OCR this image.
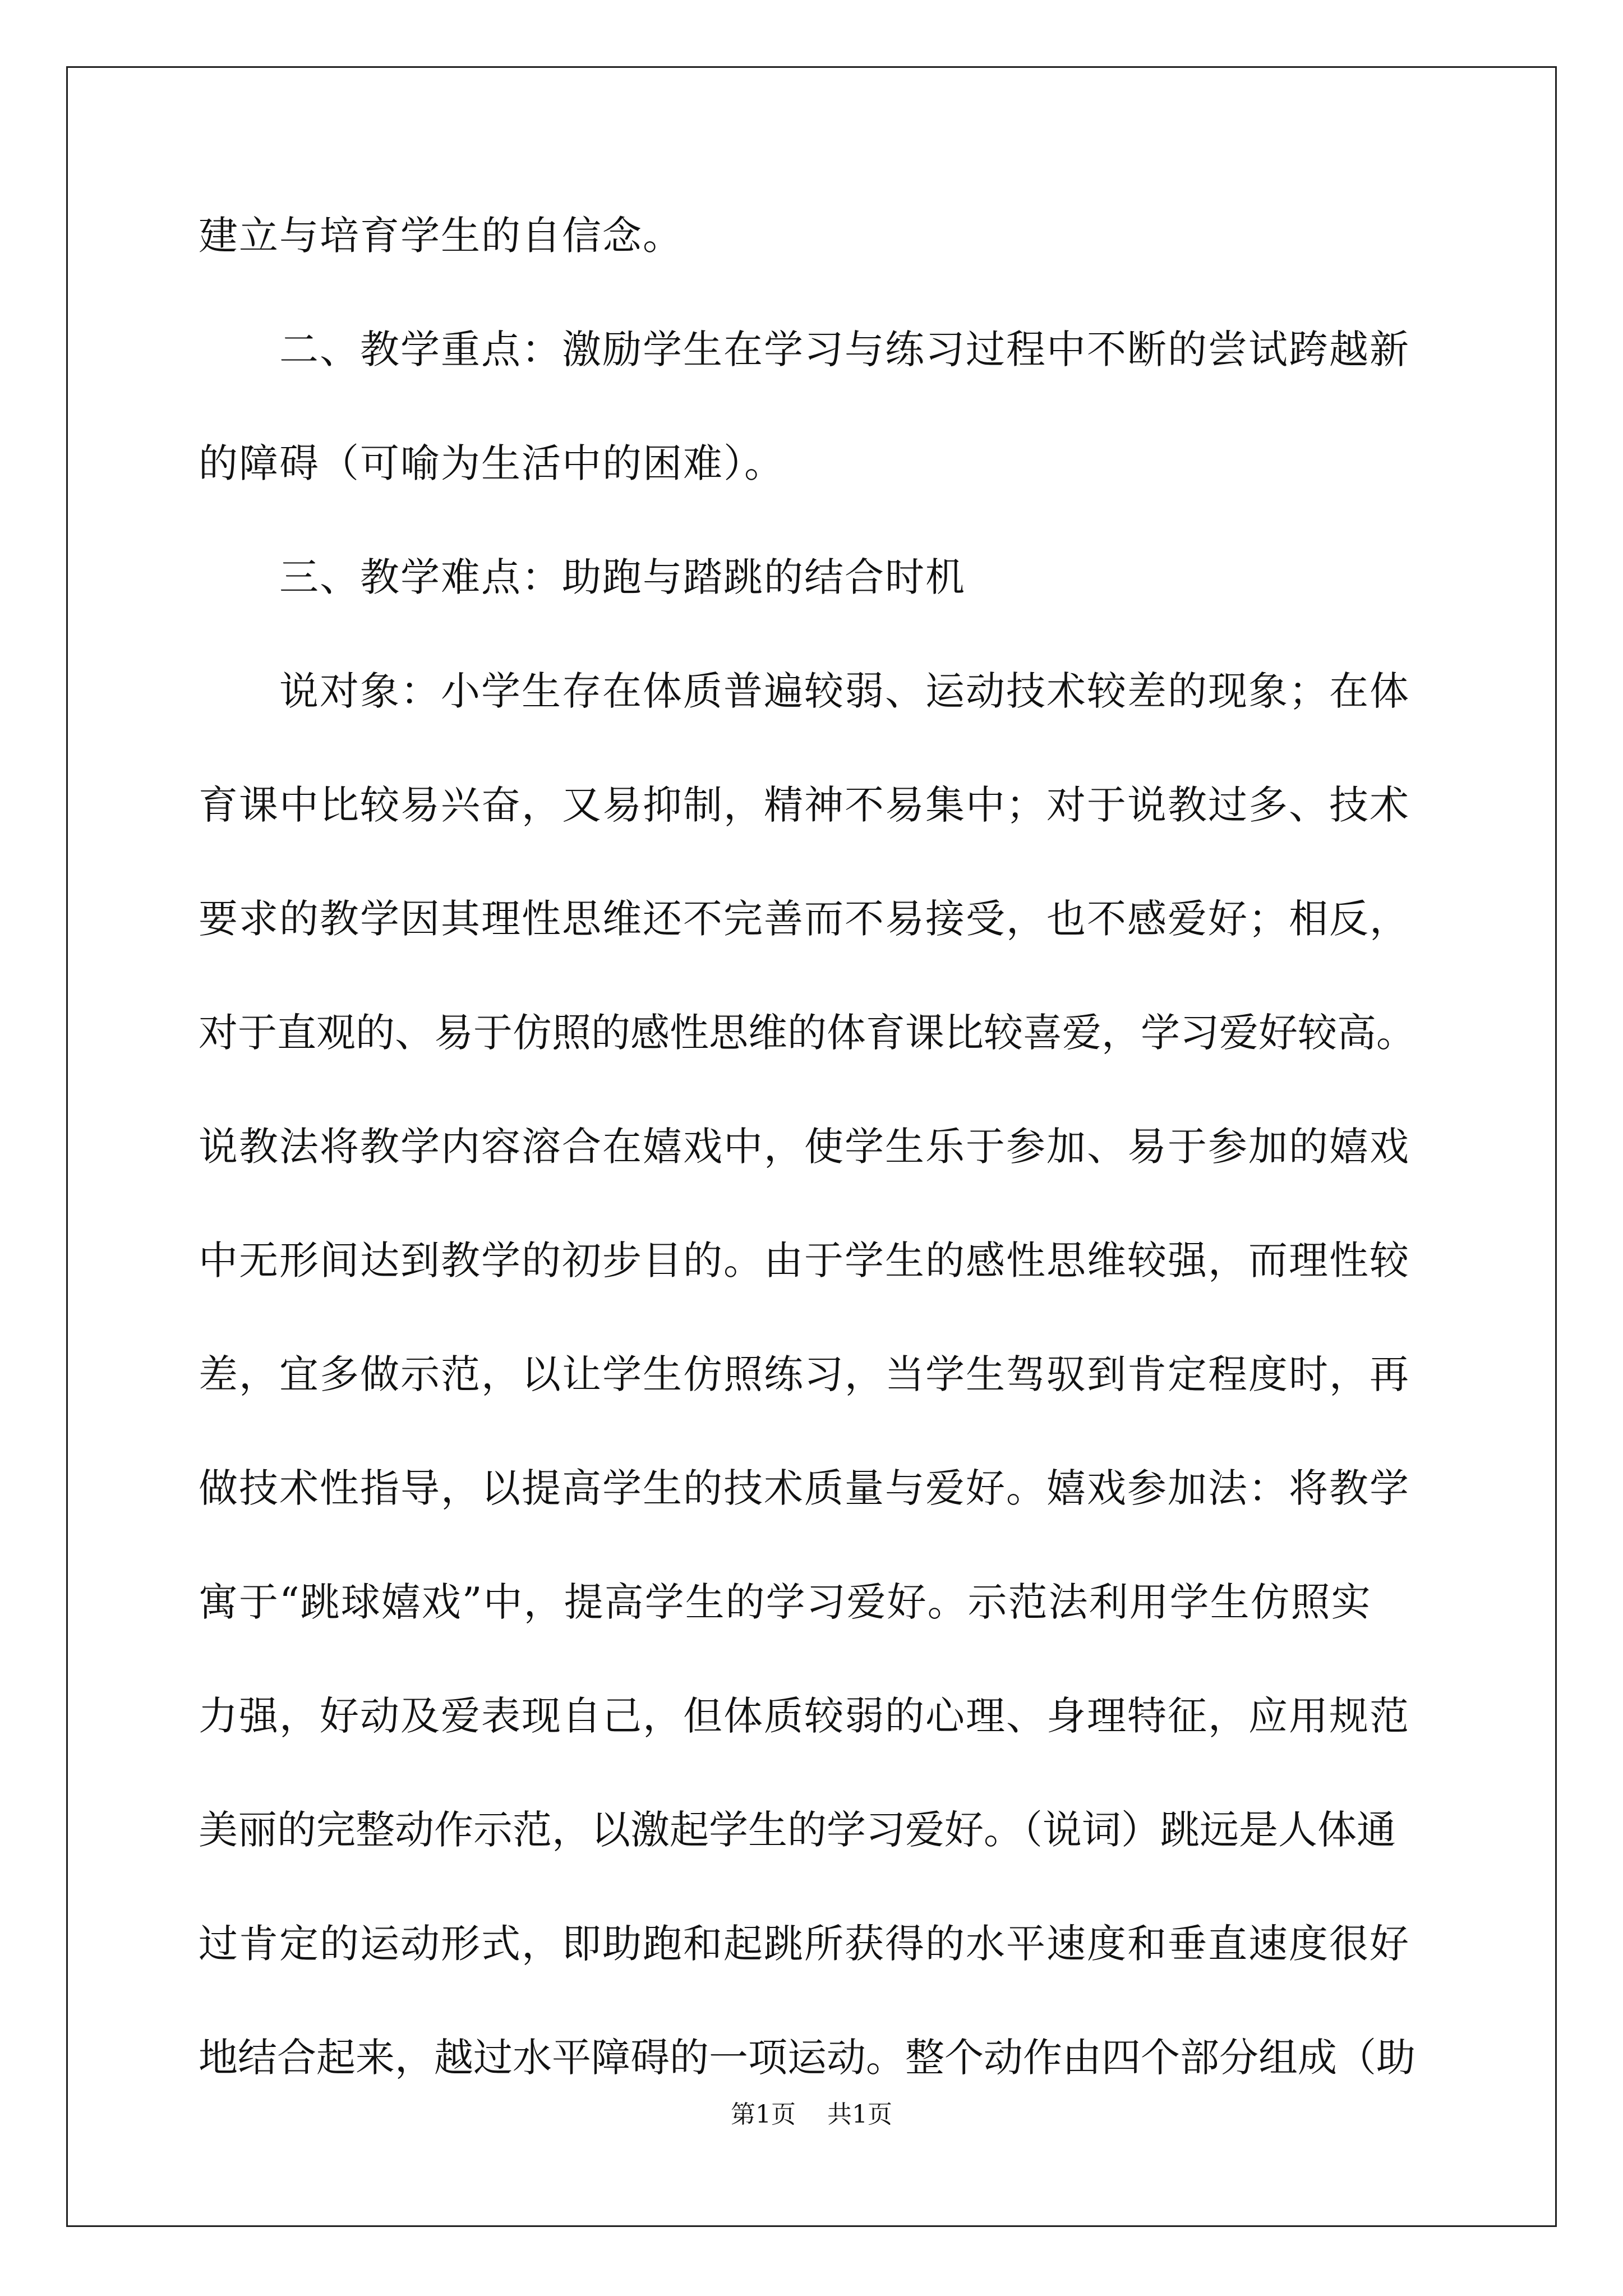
建立与培育学生的自信念。
　　二、教学重点：激励学生在学习与练习过程中不断的尝试跨越新
的障碍（可喻为生活中的困难）。
　　三、教学难点：助跑与踏跳的结合时机
　　说对象：小学生存在体质普遍较弱、运动技术较差的现象；在体
育课中比较易兴奋，又易抑制，精神不易集中；对于说教过多、技术
要求的教学因其理性思维还不完善而不易接受，也不感爱好；相反，
对于直观的、易于仿照的感性思维的体育课比较喜爱，学习爱好较高。
说教法将教学内容溶合在嬉戏中，使学生乐于参加、易于参加的嬉戏
中无形间达到教学的初步目的。由于学生的感性思维较强，而理性较
差，宜多做示范，以让学生仿照练习，当学生驾驭到肯定程度时，再
做技术性指导，以提高学生的技术质量与爱好。嬉戏参加法：将教学
寓于“跳球嬉戏”中，提高学生的学习爱好。示范法利用学生仿照实
力强，好动及爱表现自己，但体质较弱的心理、身理特征，应用规范
美丽的完整动作示范，以激起学生的学习爱好。（说词）跳远是人体通
过肯定的运动形式，即助跑和起跳所获得的水平速度和垂直速度很好
地结合起来，越过水平障碍的一项运动。整个动作由四个部分组成（助
第1页 共1页
